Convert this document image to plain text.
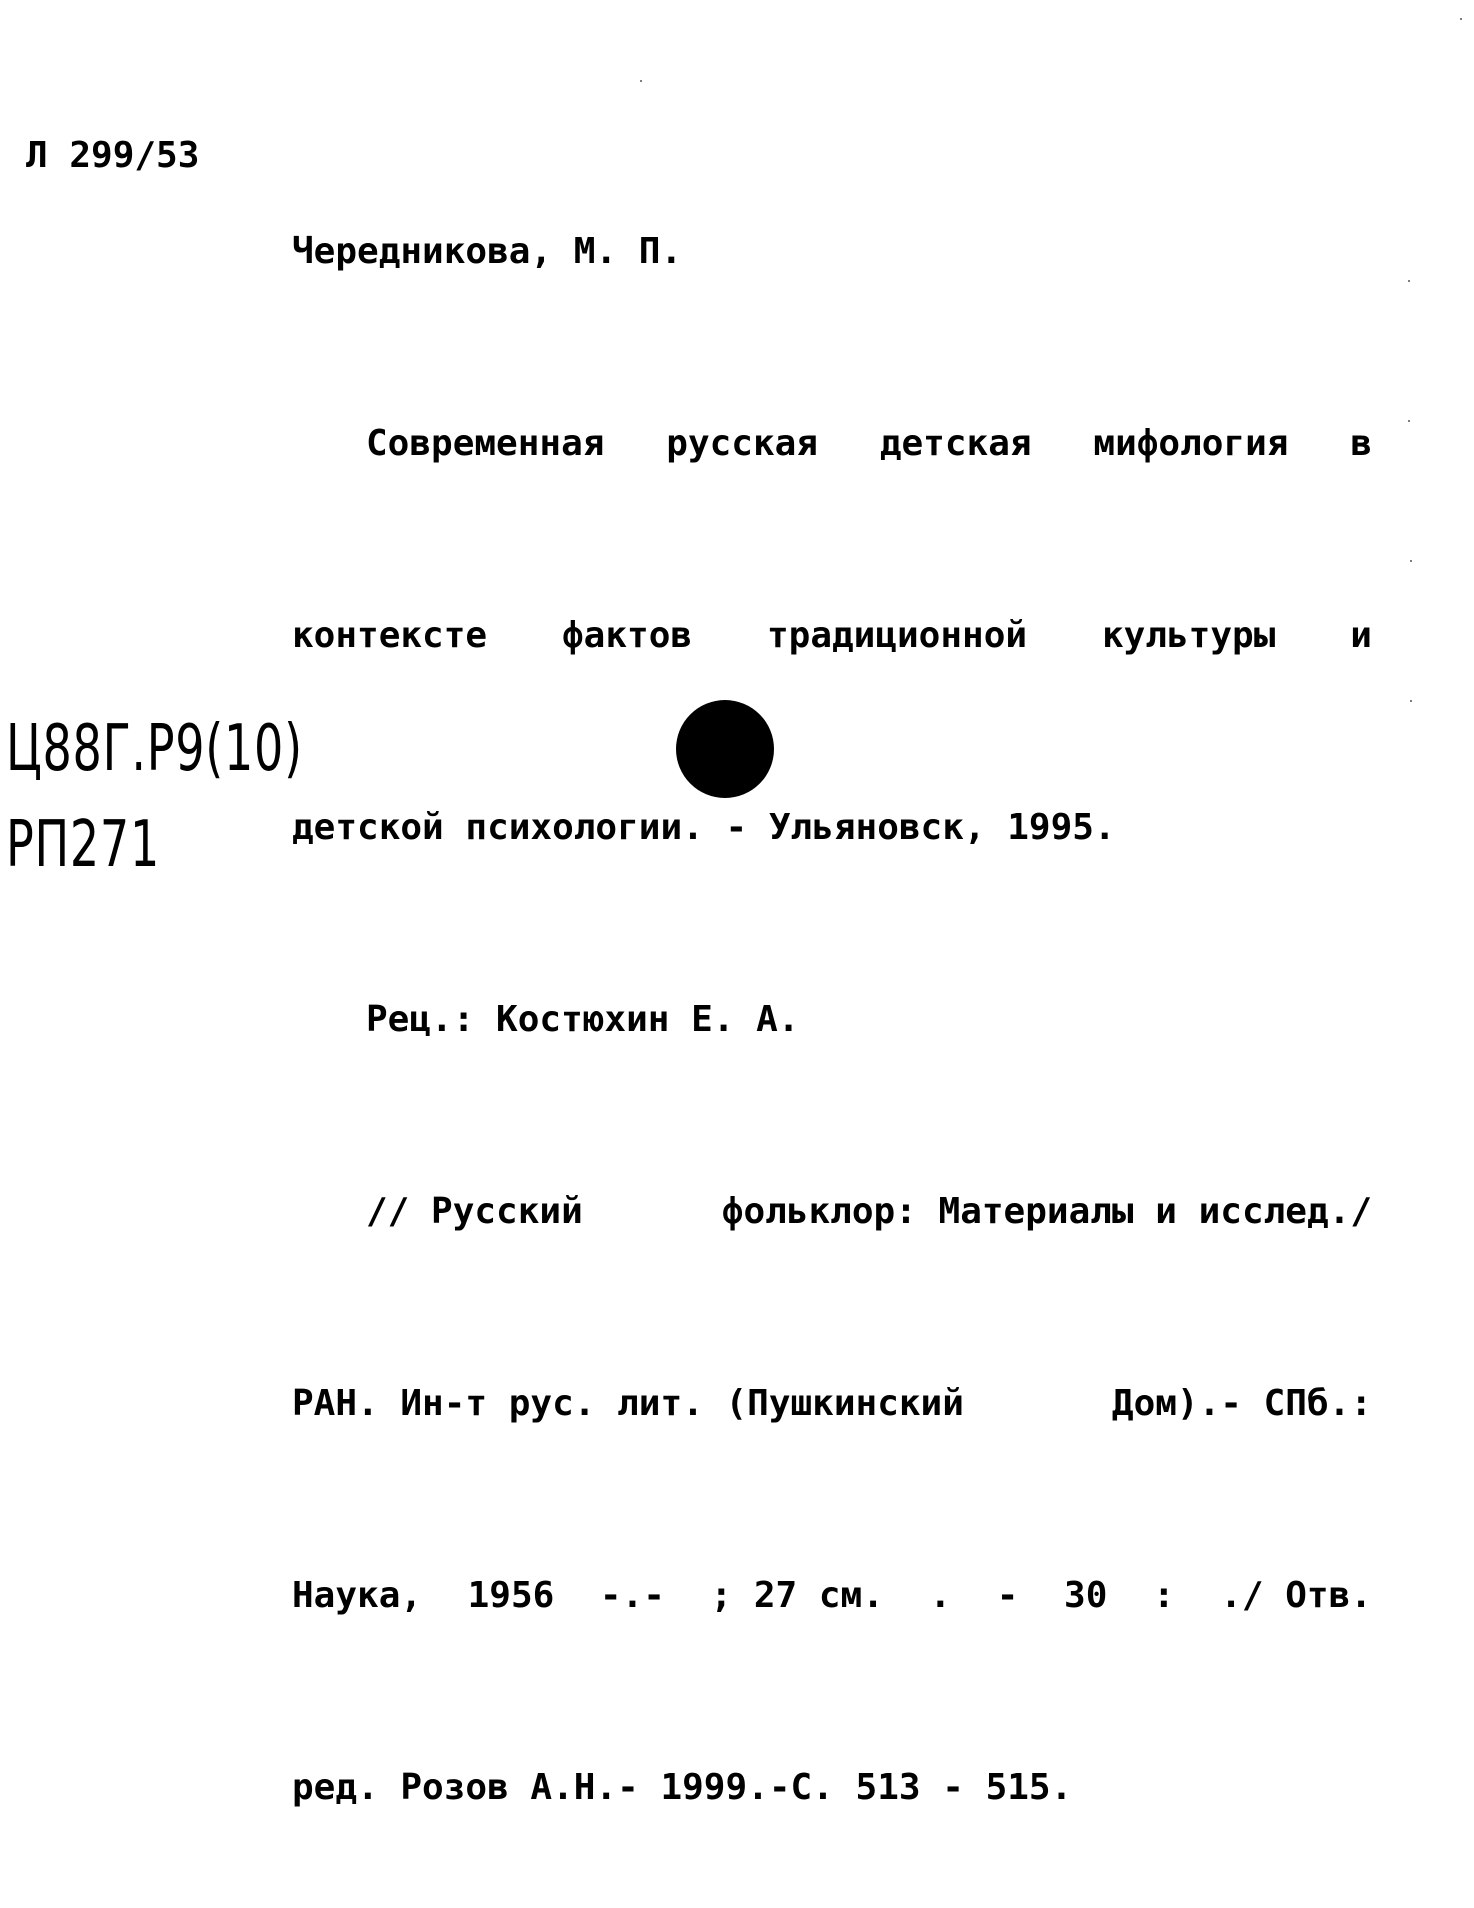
Л 299/53

Чередникова, М. П.

Современная русская детская мифология в

контексте фактов традиционной культуры и

детской психологии. - Ульяновск, 1995.

Рец.: Костюхин Е. А.

// Русский	фольклор: Материалы и исслед./

РАН. Ин-т рус. лит. (Пушкинский	Дом).- СПб.:

Наука, 1956 -.- ; 27 см. . - 30 : ./ Отв.

ред. Розов А.Н.- 1999.-С. 513 - 515.

Ц88Г.Р9(10)
РП271
